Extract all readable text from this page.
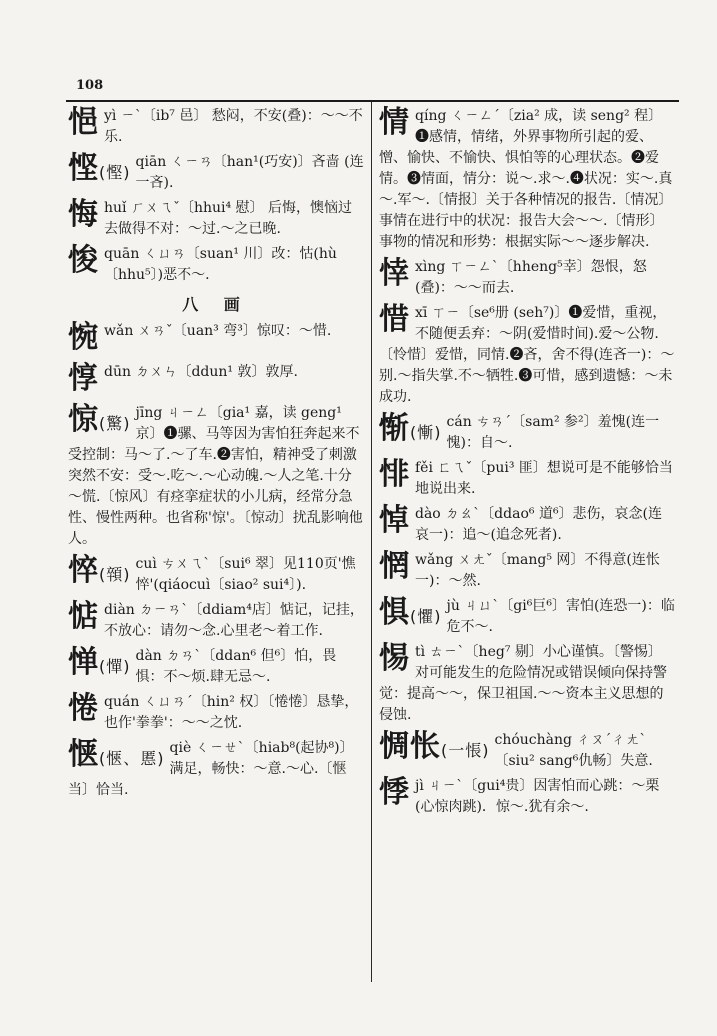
108
悒yì ㄧˋ〔ib⁷ 邑〕 愁闷，不安(叠)：～～不乐.
悭(慳)
qiān ㄑㄧㄢ〔han¹(巧安)〕吝啬 (连一吝).
悔huǐ ㄏㄨㄟˇ〔hhui⁴ 慰〕 后悔，懊恼过去做得不对：～过.～之已晚.
悛quān ㄑㄩㄢ〔suan¹ 川〕改：怙(hù〔hhu⁵〕)恶不～.
八 画
惋wǎn ㄨㄢˇ〔uan³ 弯³〕惊叹：～惜.
惇dūn ㄉㄨㄣ〔ddun¹ 敦〕敦厚.
惊(驚)
jīng ㄐㄧㄥ〔gia¹ 嘉，读 geng¹ 京〕❶骡、马等因为害怕狂奔起来不受控制：马～了.～了车.❷害怕，精神受了刺激突然不安：受～.吃～.～心动魄.～人之笔.十分～慌.〔惊风〕有痉挛症状的小儿病，经常分急性、慢性两种。也省称'惊'。〔惊动〕扰乱影响他人。
悴(顇)
cuì ㄘㄨㄟˋ〔sui⁶ 翠〕见110页'憔悴'(qiáocuì〔siao² sui⁴〕).
惦diàn ㄉㄧㄢˋ〔ddiam⁴店〕惦记，记挂，不放心：请勿～念.心里老～着工作.
惮(憚)
dàn ㄉㄢˋ〔ddan⁶ 但⁶〕怕，畏惧：不～烦.肆无忌～.
惓quán ㄑㄩㄢˊ〔hin² 权〕〔惓惓〕恳挚，也作'拳拳'：～～之忱.
惬(愜、慝)
qiè ㄑㄧㄝˋ〔hiab⁸(起协⁸)〕满足，畅快：～意.～心.〔惬当〕恰当.
情qíng ㄑㄧㄥˊ〔zia² 成，读 seng² 程〕❶感情，情绪，外界事物所引起的爱、憎、愉快、不愉快、惧怕等的心理状态。❷爱情。❸情面，情分：说～.求～.❹状况：实～.真～.军～.〔情报〕关于各种情况的报告.〔情况〕事情在进行中的状况：报告大会～～.〔情形〕事物的情况和形势：根据实际～～逐步解决.
悻xìng ㄒㄧㄥˋ〔hheng⁵幸〕怨恨，怒(叠)：～～而去.
惜xī ㄒㄧ〔se⁶册 (seh⁷)〕❶爱惜，重视，不随便丢弃：～阴(爱惜时间).爱～公物.〔怜惜〕爱惜，同情.❷吝，舍不得(连吝一)：～别.～指失掌.不～牺牲.❸可惜，感到遗憾：～未成功.
惭(慚)
cán ㄘㄢˊ〔sam² 参²〕羞愧(连一愧)：自～.
悱fěi ㄈㄟˇ〔pui³ 匪〕想说可是不能够恰当地说出来.
悼dào ㄉㄠˋ〔ddao⁶ 道⁶〕悲伤，哀念(连哀一)：追～(追念死者).
惘wǎng ㄨㄤˇ〔mang⁵ 网〕不得意(连怅一)：～然.
惧(懼)
jù ㄐㄩˋ〔gi⁶巨⁶〕害怕(连恐一)：临危不～.
惕tì ㄊㄧˋ〔heg⁷ 剔〕小心谨慎。〔警惕〕对可能发生的危险情况或错误倾向保持警觉：提高～～，保卫祖国.～～资本主义思想的侵蚀.
惆怅(一悵)
chóuchàng ㄔㄡˊㄔㄤˋ〔siu² sang⁶仇畅〕失意.
悸jì ㄐㄧˋ〔gui⁴贵〕因害怕而心跳：～栗(心惊肉跳)．惊～.犹有余～.
